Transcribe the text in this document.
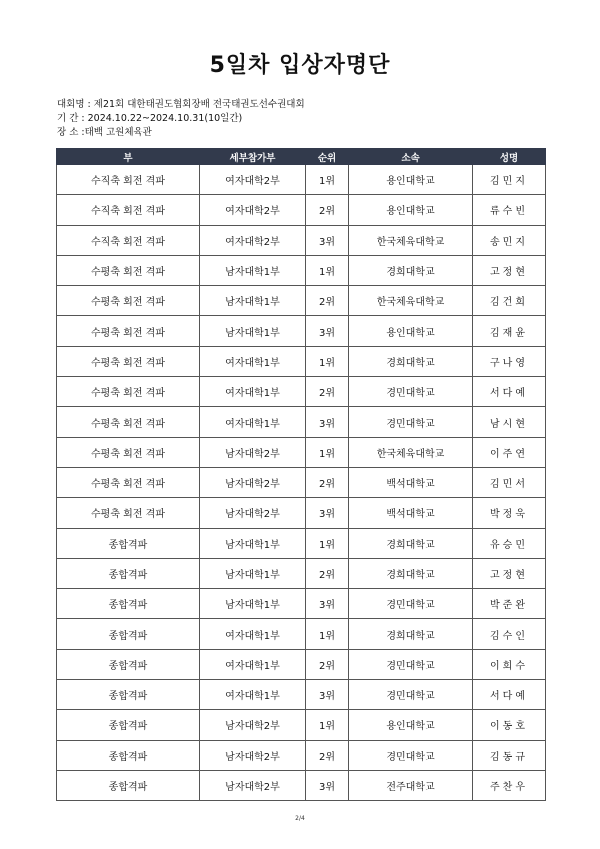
5일차 입상자명단
대회명 : 제21회 대한태권도협회장배 전국태권도선수권대회
기 간 : 2024.10.22~2024.10.31(10일간)
장 소 :태백 고원체육관
부	세부참가부	순위	소속	성명
수직축 회전 격파	여자대학2부	1위	용인대학교	김민지
수직축 회전 격파	여자대학2부	2위	용인대학교	류수빈
수직축 회전 격파	여자대학2부	3위	한국체육대학교	송민지
수평축 회전 격파	남자대학1부	1위	경희대학교	고정현
수평축 회전 격파	남자대학1부	2위	한국체육대학교	김건희
수평축 회전 격파	남자대학1부	3위	용인대학교	김재윤
수평축 회전 격파	여자대학1부	1위	경희대학교	구나영
수평축 회전 격파	여자대학1부	2위	경민대학교	서다예
수평축 회전 격파	여자대학1부	3위	경민대학교	남시현
수평축 회전 격파	남자대학2부	1위	한국체육대학교	이주연
수평축 회전 격파	남자대학2부	2위	백석대학교	김민서
수평축 회전 격파	남자대학2부	3위	백석대학교	박정욱
종합격파	남자대학1부	1위	경희대학교	유승민
종합격파	남자대학1부	2위	경희대학교	고정현
종합격파	남자대학1부	3위	경민대학교	박준완
종합격파	여자대학1부	1위	경희대학교	김수인
종합격파	여자대학1부	2위	경민대학교	이희수
종합격파	여자대학1부	3위	경민대학교	서다예
종합격파	남자대학2부	1위	용인대학교	이동호
종합격파	남자대학2부	2위	경민대학교	김동규
종합격파	남자대학2부	3위	전주대학교	주찬우
2/4
